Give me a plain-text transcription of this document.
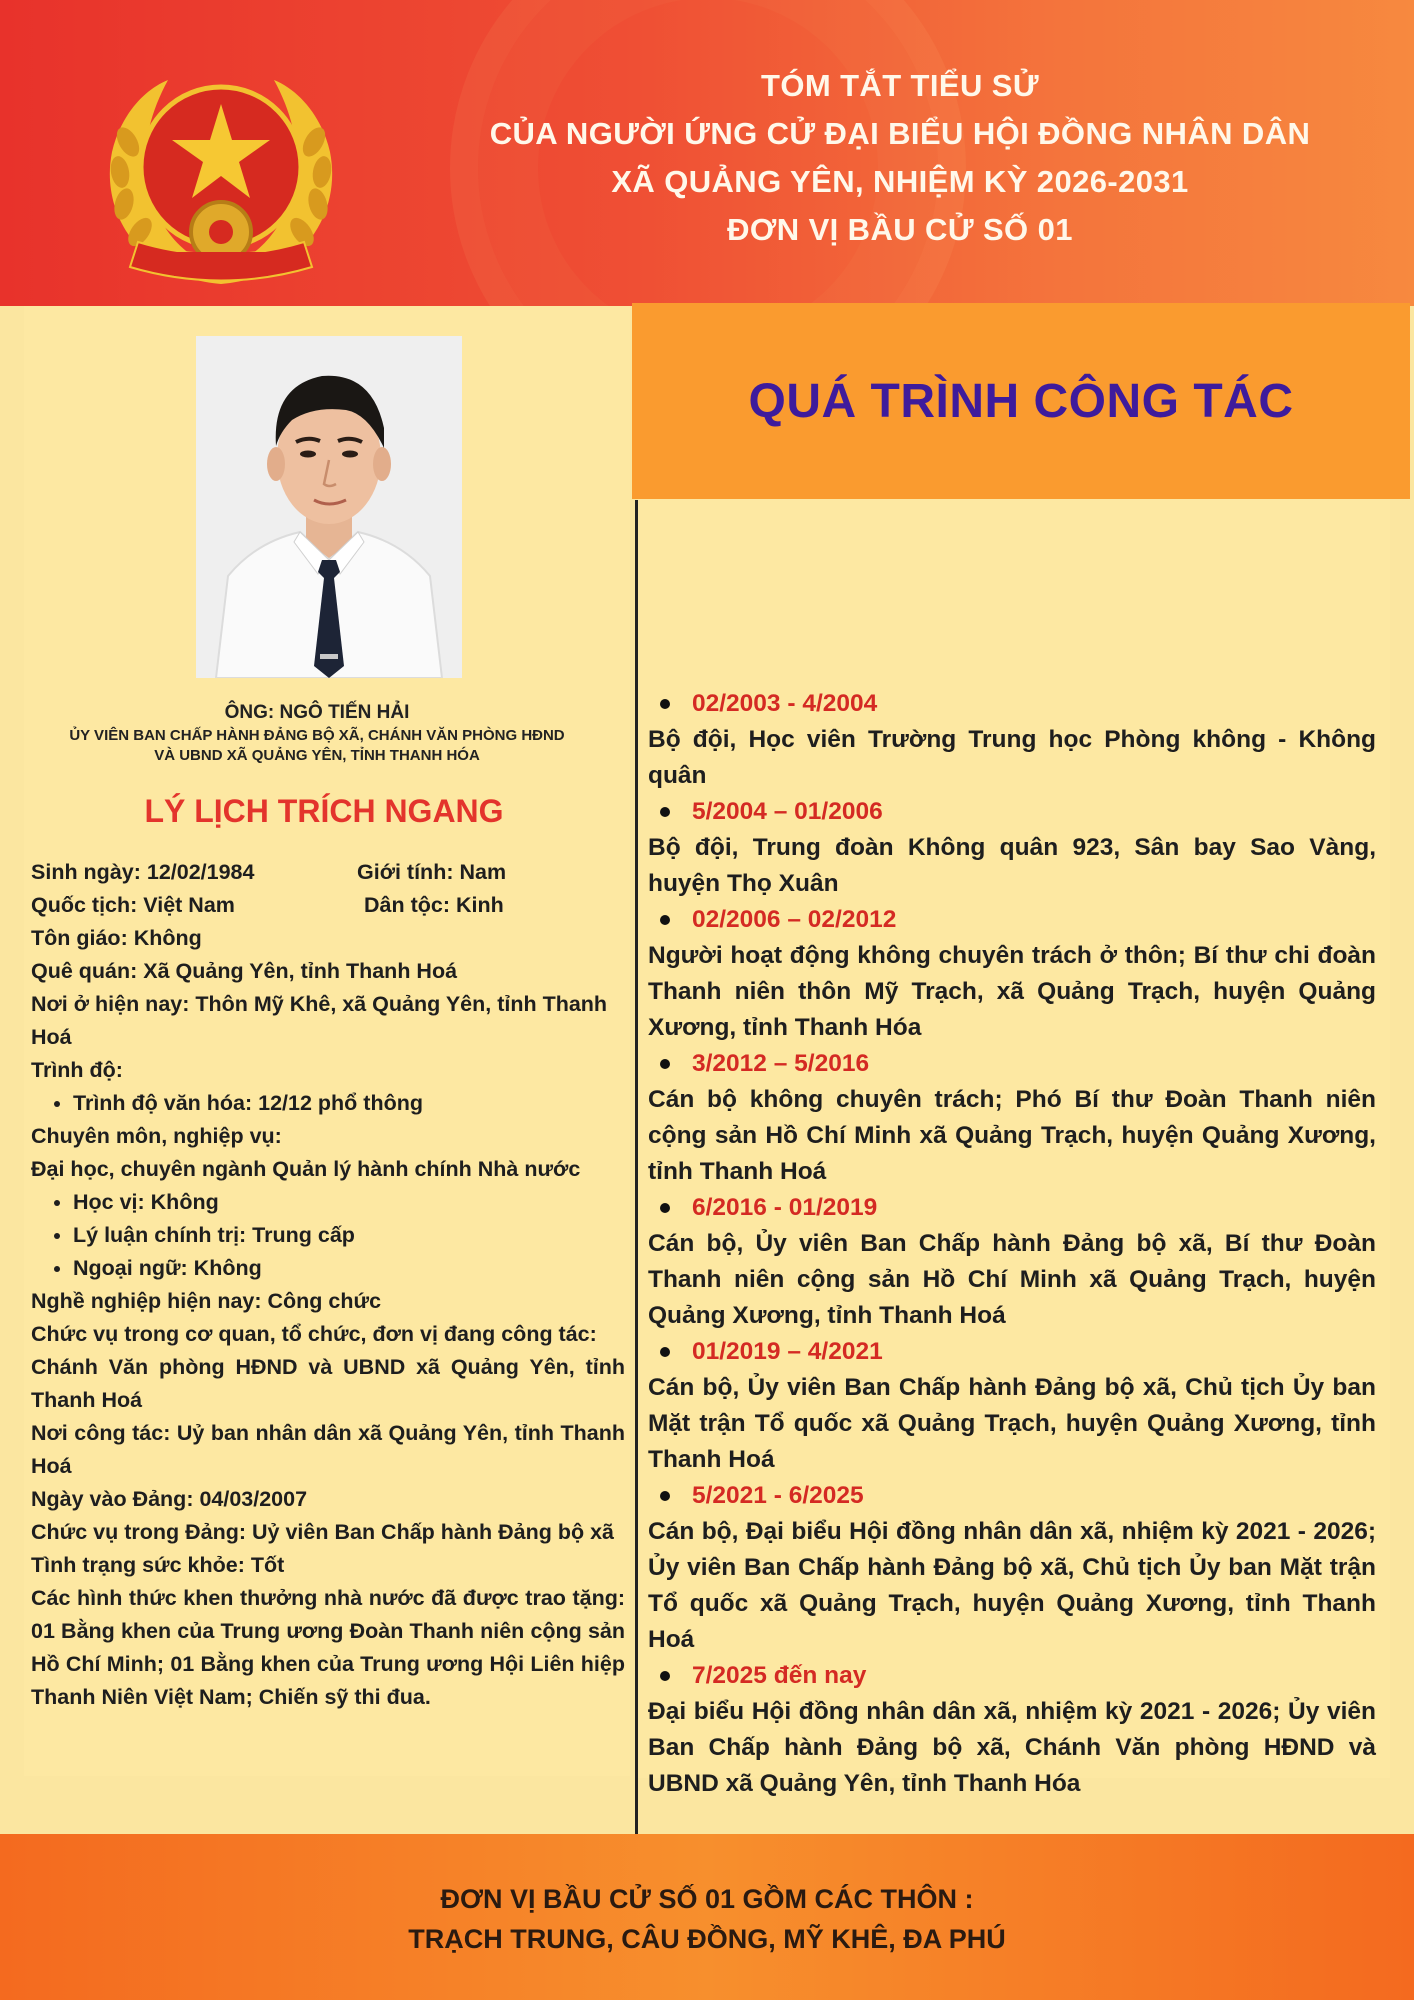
TÓM TẮT TIỂU SỬ
CỦA NGƯỜI ỨNG CỬ ĐẠI BIỂU HỘI ĐỒNG NHÂN DÂN
XÃ QUẢNG YÊN, NHIỆM KỲ 2026-2031
ĐƠN VỊ BẦU CỬ SỐ 01
ÔNG: NGÔ TIẾN HẢI
ỦY VIÊN BAN CHẤP HÀNH ĐẢNG BỘ XÃ, CHÁNH VĂN PHÒNG HĐND
VÀ UBND XÃ QUẢNG YÊN, TỈNH THANH HÓA
LÝ LỊCH TRÍCH NGANG
Sinh ngày: 12/02/1984	Giới tính: Nam
Quốc tịch: Việt Nam	Dân tộc: Kinh
Tôn giáo: Không
Quê quán: Xã Quảng Yên, tỉnh Thanh Hoá
Nơi ở hiện nay: Thôn Mỹ Khê, xã Quảng Yên, tỉnh Thanh Hoá
Trình độ:
• Trình độ văn hóa: 12/12 phổ thông
Chuyên môn, nghiệp vụ:
Đại học, chuyên ngành Quản lý hành chính Nhà nước
• Học vị: Không
• Lý luận chính trị: Trung cấp
• Ngoại ngữ: Không
Nghề nghiệp hiện nay: Công chức
Chức vụ trong cơ quan, tổ chức, đơn vị đang công tác:
Chánh Văn phòng HĐND và UBND xã Quảng Yên, tỉnh Thanh Hoá
Nơi công tác: Uỷ ban nhân dân xã Quảng Yên, tỉnh Thanh Hoá
Ngày vào Đảng: 04/03/2007
Chức vụ trong Đảng: Uỷ viên Ban Chấp hành Đảng bộ xã
Tình trạng sức khỏe: Tốt
Các hình thức khen thưởng nhà nước đã được trao tặng: 01 Bằng khen của Trung ương Đoàn Thanh niên cộng sản Hồ Chí Minh; 01 Bằng khen của Trung ương Hội Liên hiệp Thanh Niên Việt Nam; Chiến sỹ thi đua.
QUÁ TRÌNH CÔNG TÁC
02/2003 - 4/2004
Bộ đội, Học viên Trường Trung học Phòng không - Không quân
5/2004 – 01/2006
Bộ đội, Trung đoàn Không quân 923, Sân bay Sao Vàng, huyện Thọ Xuân
02/2006 – 02/2012
Người hoạt động không chuyên trách ở thôn; Bí thư chi đoàn Thanh niên thôn Mỹ Trạch, xã Quảng Trạch, huyện Quảng Xương, tỉnh Thanh Hóa
3/2012 – 5/2016
Cán bộ không chuyên trách; Phó Bí thư Đoàn Thanh niên cộng sản Hồ Chí Minh xã Quảng Trạch, huyện Quảng Xương, tỉnh Thanh Hoá
6/2016 - 01/2019
Cán bộ, Ủy viên Ban Chấp hành Đảng bộ xã, Bí thư Đoàn Thanh niên cộng sản Hồ Chí Minh xã Quảng Trạch, huyện Quảng Xương, tỉnh Thanh Hoá
01/2019 – 4/2021
Cán bộ, Ủy viên Ban Chấp hành Đảng bộ xã, Chủ tịch Ủy ban Mặt trận Tổ quốc xã Quảng Trạch, huyện Quảng Xương, tỉnh Thanh Hoá
5/2021 - 6/2025
Cán bộ, Đại biểu Hội đồng nhân dân xã, nhiệm kỳ 2021 - 2026; Ủy viên Ban Chấp hành Đảng bộ xã, Chủ tịch Ủy ban Mặt trận Tổ quốc xã Quảng Trạch, huyện Quảng Xương, tỉnh Thanh Hoá
7/2025 đến nay
Đại biểu Hội đồng nhân dân xã, nhiệm kỳ 2021 - 2026; Ủy viên Ban Chấp hành Đảng bộ xã, Chánh Văn phòng HĐND và UBND xã Quảng Yên, tỉnh Thanh Hóa
ĐƠN VỊ BẦU CỬ SỐ 01 GỒM CÁC THÔN :
TRẠCH TRUNG, CÂU ĐỒNG, MỸ KHÊ, ĐA PHÚ
